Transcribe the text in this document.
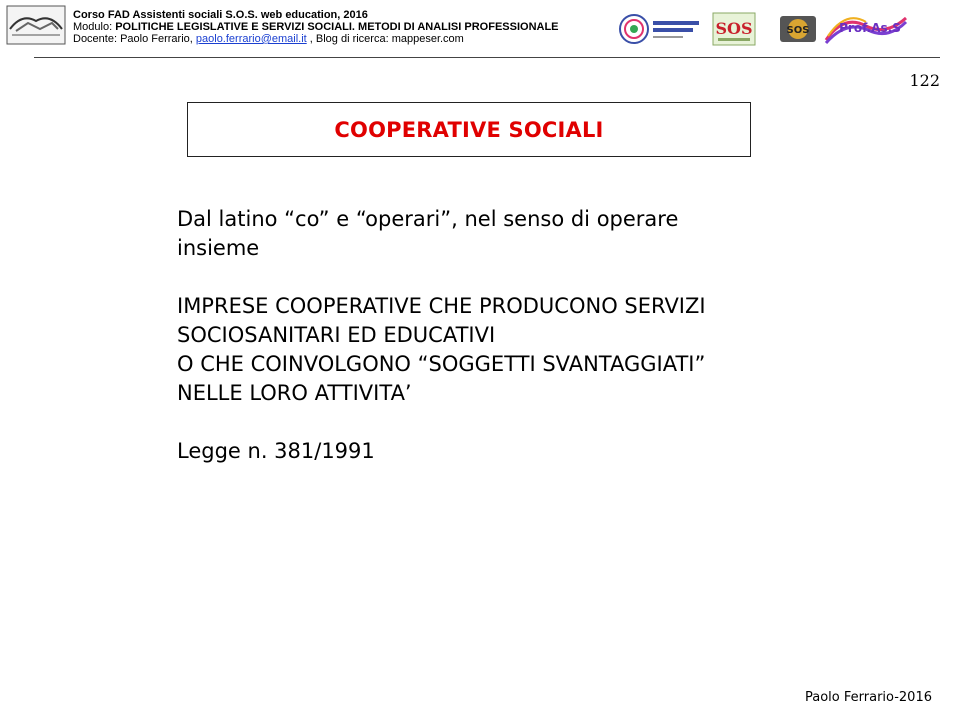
Corso FAD Assistenti sociali S.O.S. web education, 2016
Modulo: POLITICHE LEGISLATIVE E SERVIZI SOCIALI. METODI DI ANALISI PROFESSIONALE
Docente: Paolo Ferrario, paolo.ferrario@email.it , Blog di ricerca: mappeser.com
SOS	SOS Prof.As.S
122
COOPERATIVE SOCIALI
Dal latino “co” e “operari”, nel senso di operare
insieme
IMPRESE COOPERATIVE CHE PRODUCONO SERVIZI
SOCIOSANITARI ED EDUCATIVI
O CHE COINVOLGONO “SOGGETTI SVANTAGGIATI”
NELLE LORO ATTIVITA’
Legge n. 381/1991
Paolo Ferrario-2016
